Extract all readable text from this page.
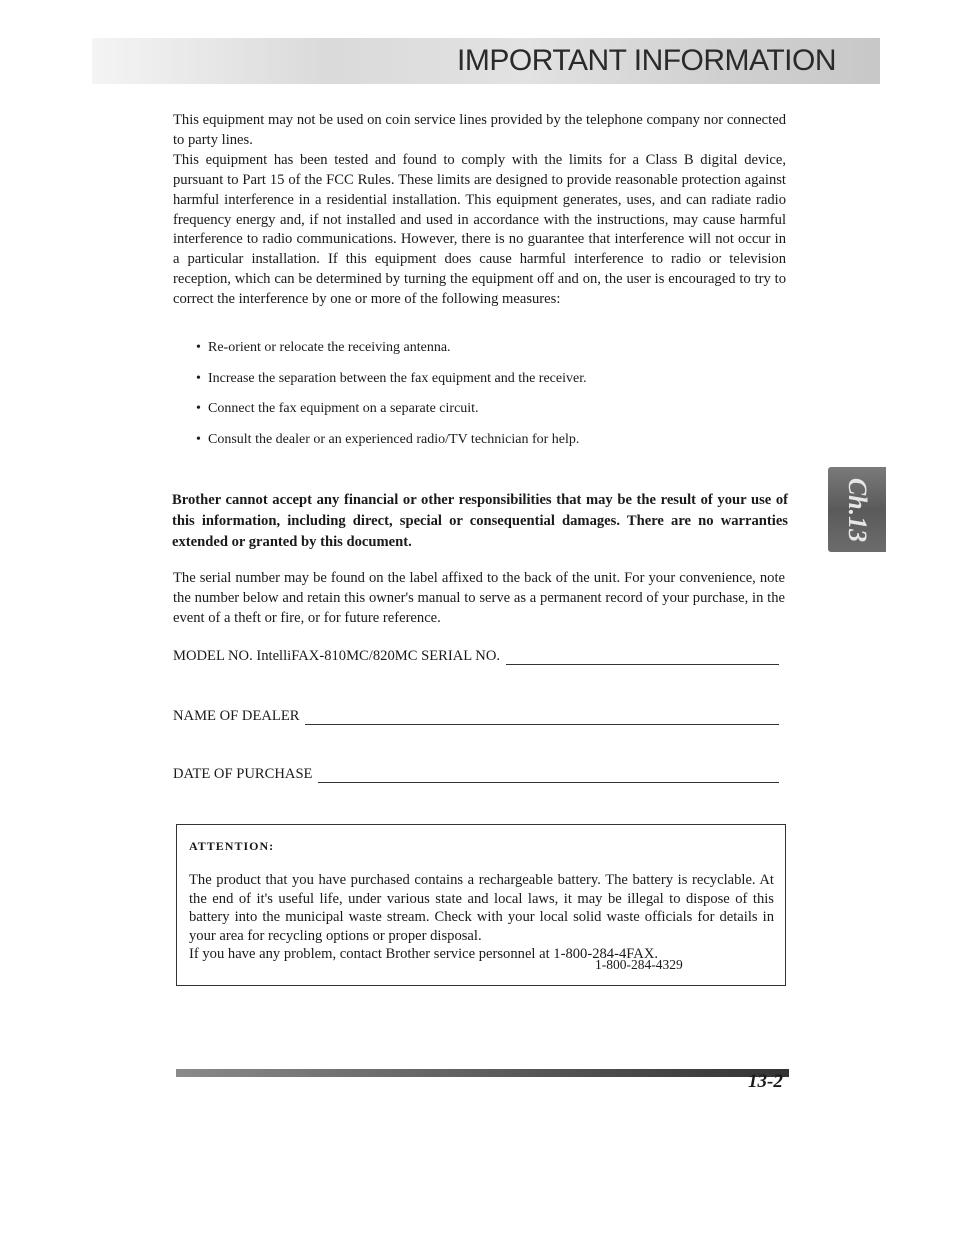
IMPORTANT INFORMATION

This equipment may not be used on coin service lines provided by the telephone company nor connected to party lines.

This equipment has been tested and found to comply with the limits for a Class B digital device, pursuant to Part 15 of the FCC Rules. These limits are designed to provide reasonable protection against harmful interference in a residential installation. This equipment generates, uses, and can radiate radio frequency energy and, if not installed and used in accordance with the instructions, may cause harmful interference to radio communications. However, there is no guarantee that interference will not occur in a particular installation. If this equipment does cause harmful interference to radio or television reception, which can be determined by turning the equipment off and on, the user is encouraged to try to correct the interference by one or more of the following measures:

• Re-orient or relocate the receiving antenna.
• Increase the separation between the fax equipment and the receiver.
• Connect the fax equipment on a separate circuit.
• Consult the dealer or an experienced radio/TV technician for help.

Brother cannot accept any financial or other responsibilities that may be the result of your use of this information, including direct, special or consequential damages. There are no warranties extended or granted by this document.

The serial number may be found on the label affixed to the back of the unit. For your convenience, note the number below and retain this owner's manual to serve as a permanent record of your purchase, in the event of a theft or fire, or for future reference.

MODEL NO. IntelliFAX-810MC/820MC SERIAL NO.
NAME OF DEALER
DATE OF PURCHASE
ATTENTION:

The product that you have purchased contains a rechargeable battery. The battery is recyclable. At the end of it's useful life, under various state and local laws, it may be illegal to dispose of this battery into the municipal waste stream. Check with your local solid waste officials for details in your area for recycling options or proper disposal.

If you have any problem, contact Brother service personnel at 1-800-284-4FAX.

1-800-284-4329
Ch.13
13-2
